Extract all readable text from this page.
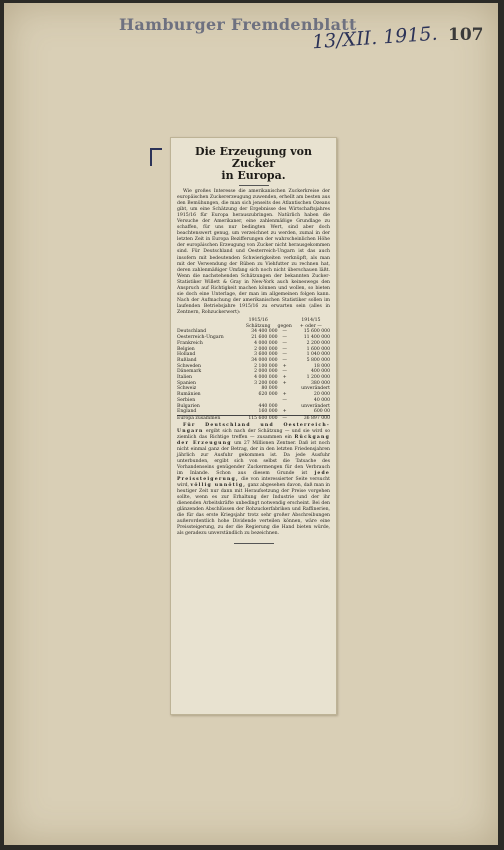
Hamburger Fremdenblatt
13/XII. 1915. 107
Die Erzeugung von Zucker
in Europa.

Wie großes Interesse die amerikanischen Zuckerkreise der europäischen Zuckererzeugung zuwenden, erhellt am besten aus den Bemühungen, die man sich jenseits des Atlantischen Ozeans gibt, um eine Schätzung der Ergebnisse des Wirtschaftsjahres 1915/16 für Europa herauszubringen. Natürlich haben die Versuche der Amerikaner, eine zahlenmäßige Grundlage zu schaffen, für uns nur bedingten Wert, sind aber doch beachtenswert genug, um verzeichnet zu werden, zumal in der letzten Zeit in Europa Bezifferungen der wahrscheinlichen Höhe der europäischen Erzeugung von Zucker nicht herausgekommen sind. Für Deutschland und Oesterreich-Ungarn ist das auch insofern mit bedeutenden Schwierigkeiten verknüpft, als man mit der Verwendung der Rüben zu Viehfutter zu rechnen hat, deren zahlenmäßiger Umfang sich noch nicht überschauen läßt. Wenn die nachstehenden Schätzungen der bekannten Zucker-Statistiker Willett & Gray in New-York auch keineswegs den Anspruch auf Richtigkeit machen können und wollen, so bieten sie doch eine Unterlage, der man im allgemeinen folgen kann. Nach der Aufmachung der amerikanischen Statistiker sollen im laufenden Betriebsjahre 1915/16 zu erwarten sein (alles in Zentnern, Rohzuckerwert):

	1915/16		1914/15
	Schätzung	gegen	+ oder —
Deutschland	34 400 000	—	15 600 000
Oesterreich-Ungarn	21 600 000	—	11 400 000
Frankreich	4 000 000	—	2 200 000
Belgien	2 000 000	—	1 600 000
Holland	3 600 000	—	1 040 000
Rußland	34 000 000	—	5 800 000
Schweden	2 100 000	+	18 000
Dänemark	2 000 000	—	400 000
Italien	4 000 000	+	1 200 000
Spanien	3 200 000	+	380 000
Schweiz	80 000		unverändert
Rumänien	620 000	+	20 000
Serbien		—	40 000
Bulgarien	440 000		unverändert
England	160 000	+	600 00
Europa zusammen	115 600 000	—	36 897 000

Für Deutschland und Oesterreich-Ungarn ergibt sich nach der Schätzung — und sie wird so ziemlich das Richtige treffen — zusammen ein Rückgang der Erzeugung um 27 Millionen Zentner. Daß ist noch nicht einmal ganz der Betrag, der in den letzten Friedensjahren jährlich zur Ausfuhr gekommen ist. Da jede Ausfuhr unterbunden, ergibt sich von selbst die Tatsache des Vorhandenseins genügender Zuckermengen für den Verbrauch im Inlande. Schon aus diesem Grunde ist jede Preissteigerung, die von interessierter Seite versucht wird, völlig unnötig, ganz abgesehen davon, daß man in heutiger Zeit nur dann mit Heraufsetzung der Preise vorgehen sollte, wenn es zur Erhaltung der Industrie und der ihr dienenden Arbeitskräfte unbedingt notwendig erscheint. Bei den glänzenden Abschlüssen der Rohzuckerfabriken und Raffinerien, die für das erste Kriegsjahr trotz sehr großer Abschreibungen außerordentlich hohe Dividende verteilen können, wäre eine Preissteigerung, zu der die Regierung die Hand bieten würde, als geradezu unverständlich zu bezeichnen.
